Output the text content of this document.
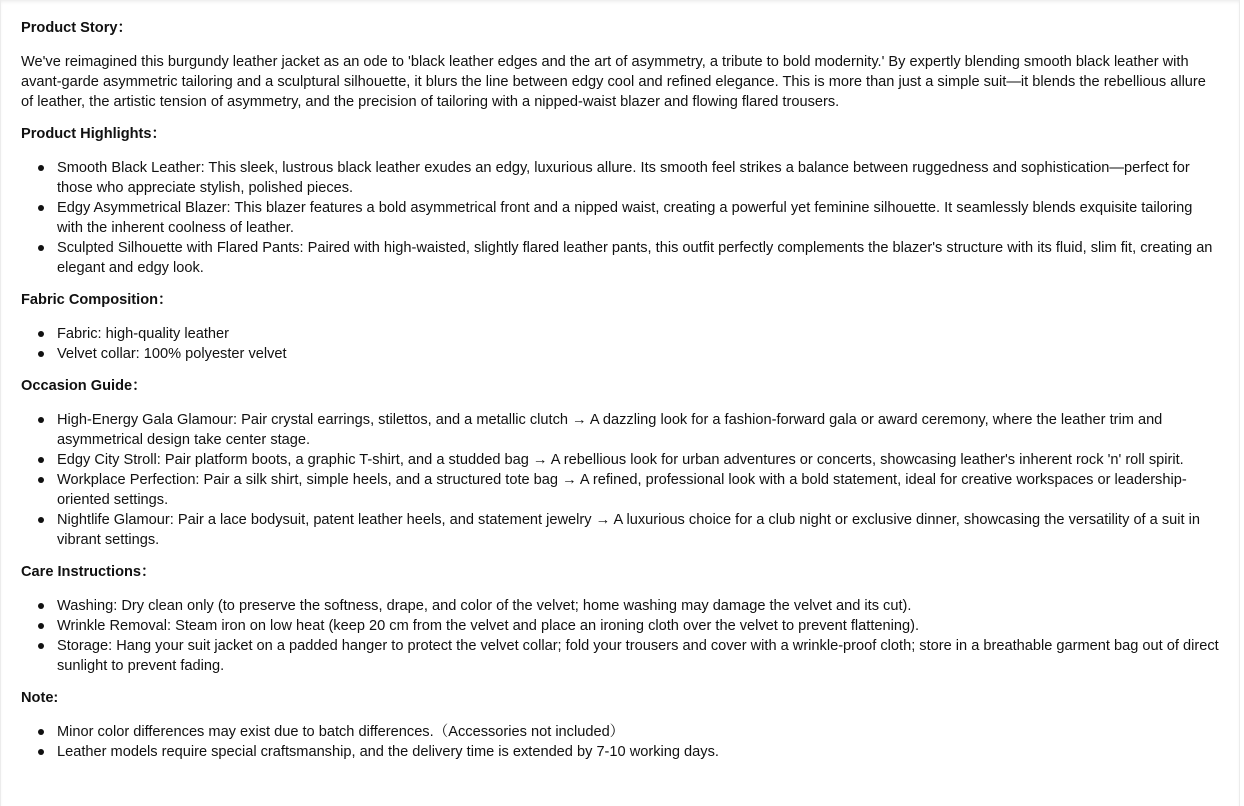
Product Story：

We've reimagined this burgundy leather jacket as an ode to 'black leather edges and the art of asymmetry, a tribute to bold modernity.' By expertly blending smooth black leather with avant-garde asymmetric tailoring and a sculptural silhouette, it blurs the line between edgy cool and refined elegance. This is more than just a simple suit—it blends the rebellious allure of leather, the artistic tension of asymmetry, and the precision of tailoring with a nipped-waist blazer and flowing flared trousers.

Product Highlights：
Smooth Black Leather: This sleek, lustrous black leather exudes an edgy, luxurious allure. Its smooth feel strikes a balance between ruggedness and sophistication—perfect for those who appreciate stylish, polished pieces.
Edgy Asymmetrical Blazer: This blazer features a bold asymmetrical front and a nipped waist, creating a powerful yet feminine silhouette. It seamlessly blends exquisite tailoring with the inherent coolness of leather.
Sculpted Silhouette with Flared Pants: Paired with high-waisted, slightly flared leather pants, this outfit perfectly complements the blazer's structure with its fluid, slim fit, creating an elegant and edgy look.
Fabric Composition：
Fabric: high-quality leather
Velvet collar: 100% polyester velvet
Occasion Guide：
High-Energy Gala Glamour: Pair crystal earrings, stilettos, and a metallic clutch → A dazzling look for a fashion-forward gala or award ceremony, where the leather trim and asymmetrical design take center stage.
Edgy City Stroll: Pair platform boots, a graphic T-shirt, and a studded bag → A rebellious look for urban adventures or concerts, showcasing leather's inherent rock 'n' roll spirit.
Workplace Perfection: Pair a silk shirt, simple heels, and a structured tote bag → A refined, professional look with a bold statement, ideal for creative workspaces or leadership-oriented settings.
Nightlife Glamour: Pair a lace bodysuit, patent leather heels, and statement jewelry → A luxurious choice for a club night or exclusive dinner, showcasing the versatility of a suit in vibrant settings.
Care Instructions：
Washing: Dry clean only (to preserve the softness, drape, and color of the velvet; home washing may damage the velvet and its cut).
Wrinkle Removal: Steam iron on low heat (keep 20 cm from the velvet and place an ironing cloth over the velvet to prevent flattening).
Storage: Hang your suit jacket on a padded hanger to protect the velvet collar; fold your trousers and cover with a wrinkle-proof cloth; store in a breathable garment bag out of direct sunlight to prevent fading.
Note:
Minor color differences may exist due to batch differences.（Accessories not included）
Leather models require special craftsmanship, and the delivery time is extended by 7-10 working days.
